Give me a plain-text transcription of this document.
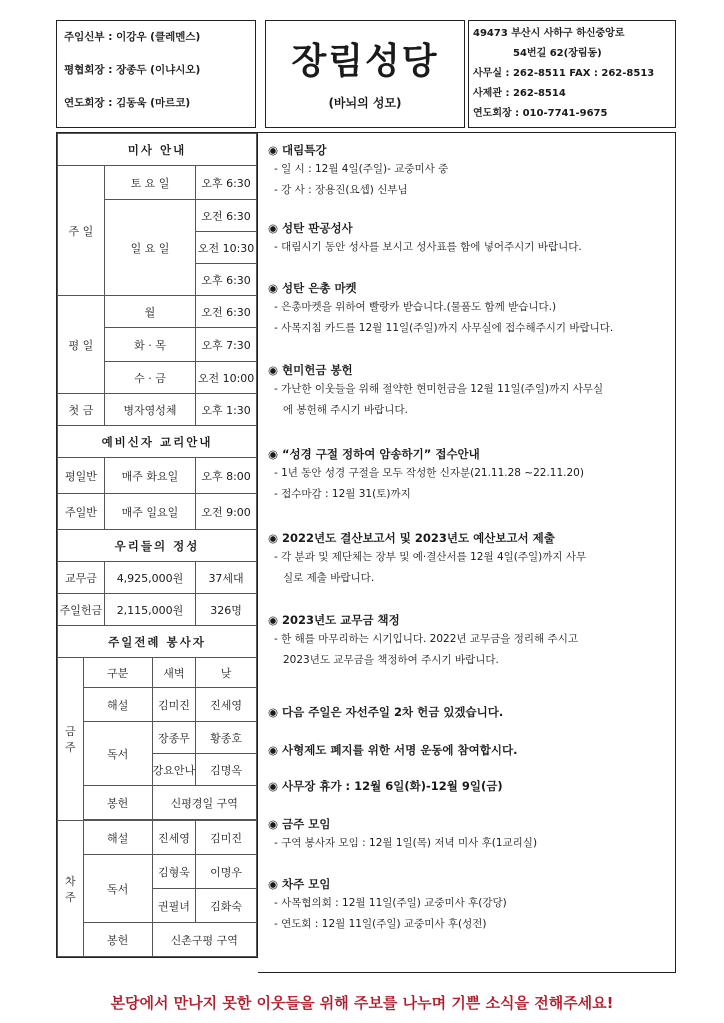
주임신부 : 이강우 (클레멘스)
평협회장 : 장종두 (이냐시오)
연도회장 : 김동욱 (마르코)
장림성당
(바뇌의 성모)
49473 부산시 사하구 하신중앙로
54번길 62(장림동)
사무실 : 262-8511 FAX : 262-8513
사제관 : 262-8514
연도회장 : 010-7741-9675
미사 안내				
주 일		토 요 일		오후 6:30
		일 요 일		오전 6:30
				오전 10:30
				오후 6:30
평 일		월		오전 6:30
		화 · 목		오후 7:30
		수 · 금		오전 10:00
첫 금		병자영성체		오후 1:30
예비신자 교리안내				
평일반		매주 화요일		오후 8:00
주일반		매주 일요일		오전 9:00
우리들의 정성				
교무금		4,925,000원		37세대
주일헌금		2,115,000원		326명
주일전례 봉사자				
금 주	구분		새벽	낮
	해설		김미진	진세영
	독서		장종무	황종호
			강요안나	김명옥
	봉헌		신평경일 구역	

차 주	해설		진세영	김미진
	독서		김형욱	이명우
			권필녀	김화숙
	봉헌		신촌구평 구역	
◉ 대림특강
- 일 시 : 12월 4일(주일)- 교중미사 중
- 강 사 : 장용진(요셉) 신부님
◉ 성탄 판공성사
- 대림시기 동안 성사를 보시고 성사표를 함에 넣어주시기 바랍니다.
◉ 성탄 은총 마켓
- 은총마켓을 위하여 빨랑카 받습니다.(물품도 함께 받습니다.)
- 사목지침 카드를 12월 11일(주일)까지 사무실에 접수해주시기 바랍니다.
◉ 현미헌금 봉헌
- 가난한 이웃들을 위해 절약한 현미헌금을 12월 11일(주일)까지 사무실
에 봉헌해 주시기 바랍니다.
◉ “성경 구절 정하여 암송하기” 접수안내
- 1년 동안 성경 구절을 모두 작성한 신자분(21.11.28 ~22.11.20)
- 접수마감 : 12월 31(토)까지
◉ 2022년도 결산보고서 및 2023년도 예산보고서 제출
- 각 분과 및 제단체는 장부 및 예·결산서를 12월 4일(주일)까지 사무
실로 제출 바랍니다.
◉ 2023년도 교무금 책정
- 한 해를 마무리하는 시기입니다. 2022년 교무금을 정리해 주시고
2023년도 교무금을 책정하여 주시기 바랍니다.
◉ 다음 주일은 자선주일 2차 헌금 있겠습니다.
◉ 사형제도 폐지를 위한 서명 운동에 참여합시다.
◉ 사무장 휴가 : 12월 6일(화)-12월 9일(금)
◉ 금주 모임
- 구역 봉사자 모임 : 12월 1일(목) 저녁 미사 후(1교리실)
◉ 차주 모임
- 사목협의회 : 12월 11일(주일) 교중미사 후(강당)
- 연도회 : 12월 11일(주일) 교중미사 후(성전)
본당에서 만나지 못한 이웃들을 위해 주보를 나누며 기쁜 소식을 전해주세요!
